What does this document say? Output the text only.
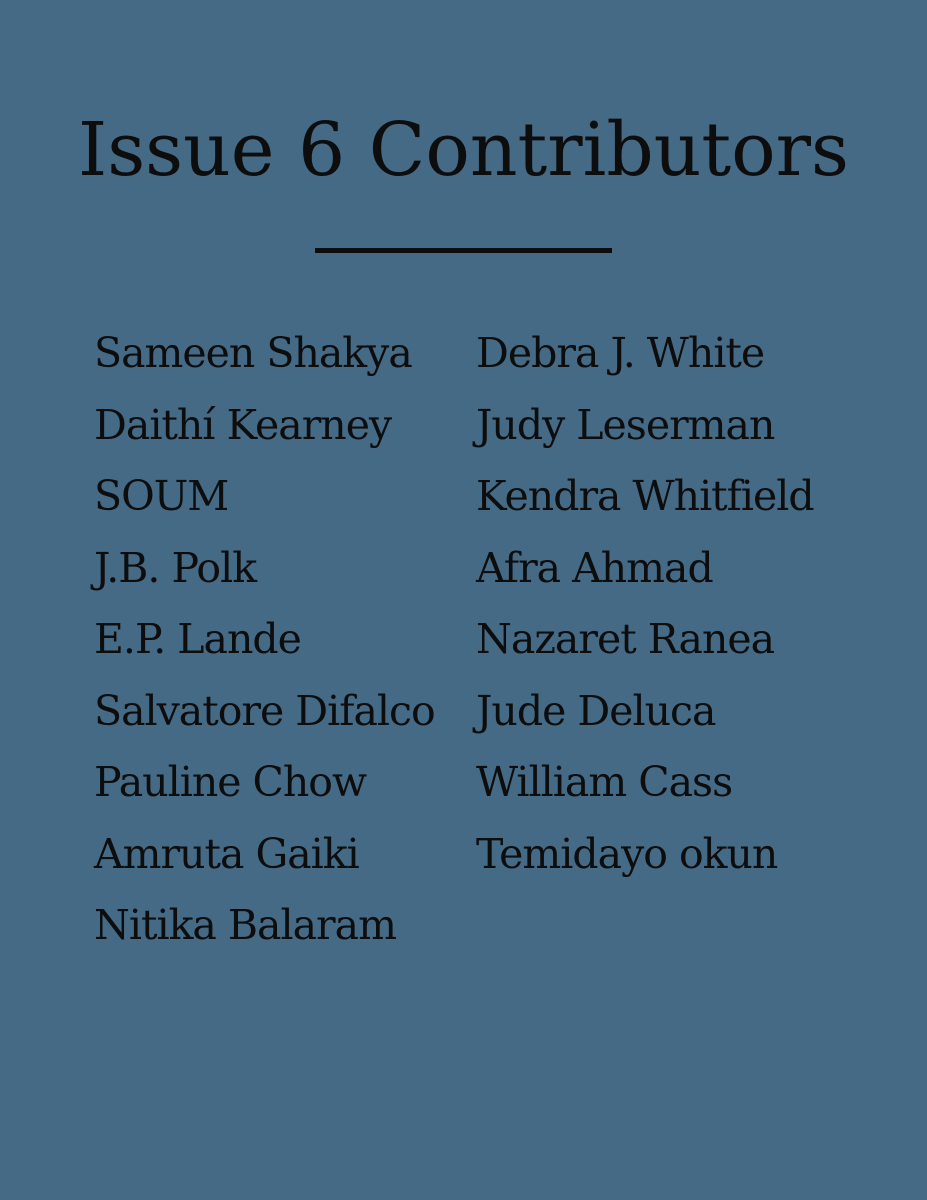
Issue 6 Contributors
Sameen Shakya
Daithí Kearney
SOUM
J.B. Polk
E.P. Lande
Salvatore Difalco
Pauline Chow
Amruta Gaiki
Nitika Balaram
Debra J. White
Judy Leserman
Kendra Whitfield
Afra Ahmad
Nazaret Ranea
Jude Deluca
William Cass
Temidayo okun
